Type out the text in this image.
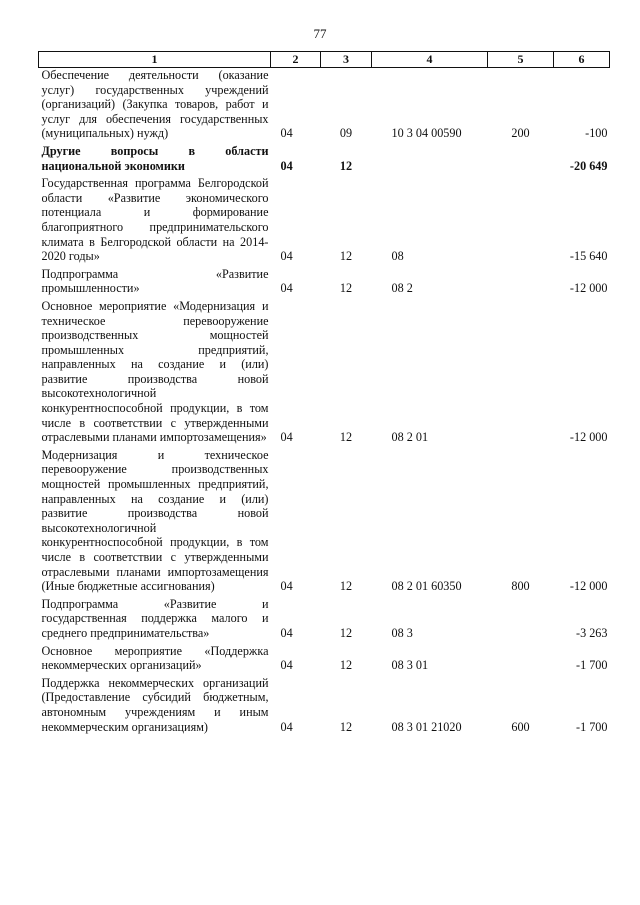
77
1	2	3	4	5	6
Обеспечение деятельности (оказание услуг) государственных учреждений (организаций) (Закупка товаров, работ и услуг для обеспечения государственных (муниципальных) нужд)	04	09	10 3 04 00590	200	-100
Другие вопросы в области национальной экономики	04	12			-20 649
Государственная программа Белгородской области «Развитие экономического потенциала и формирование благоприятного предпринимательского климата в Белгородской области на 2014-2020 годы»	04	12	08		-15 640
Подпрограмма «Развитие промышленности»	04	12	08 2		-12 000
Основное мероприятие «Модернизация и техническое перевооружение производственных мощностей промышленных предприятий, направленных на создание и (или) развитие производства новой высокотехнологичной конкурентноспособной продукции, в том числе в соответствии с утвержденными отраслевыми планами импортозамещения»	04	12	08 2 01		-12 000
Модернизация и техническое перевооружение производственных мощностей промышленных предприятий, направленных на создание и (или) развитие производства новой высокотехнологичной конкурентноспособной продукции, в том числе в соответствии с утвержденными отраслевыми планами импортозамещения (Иные бюджетные ассигнования)	04	12	08 2 01 60350	800	-12 000
Подпрограмма «Развитие и государственная поддержка малого и среднего предпринимательства»	04	12	08 3		-3 263
Основное мероприятие «Поддержка некоммерческих организаций»	04	12	08 3 01		-1 700
Поддержка некоммерческих организаций (Предоставление субсидий бюджетным, автономным учреждениям и иным некоммерческим организациям)	04	12	08 3 01 21020	600	-1 700
